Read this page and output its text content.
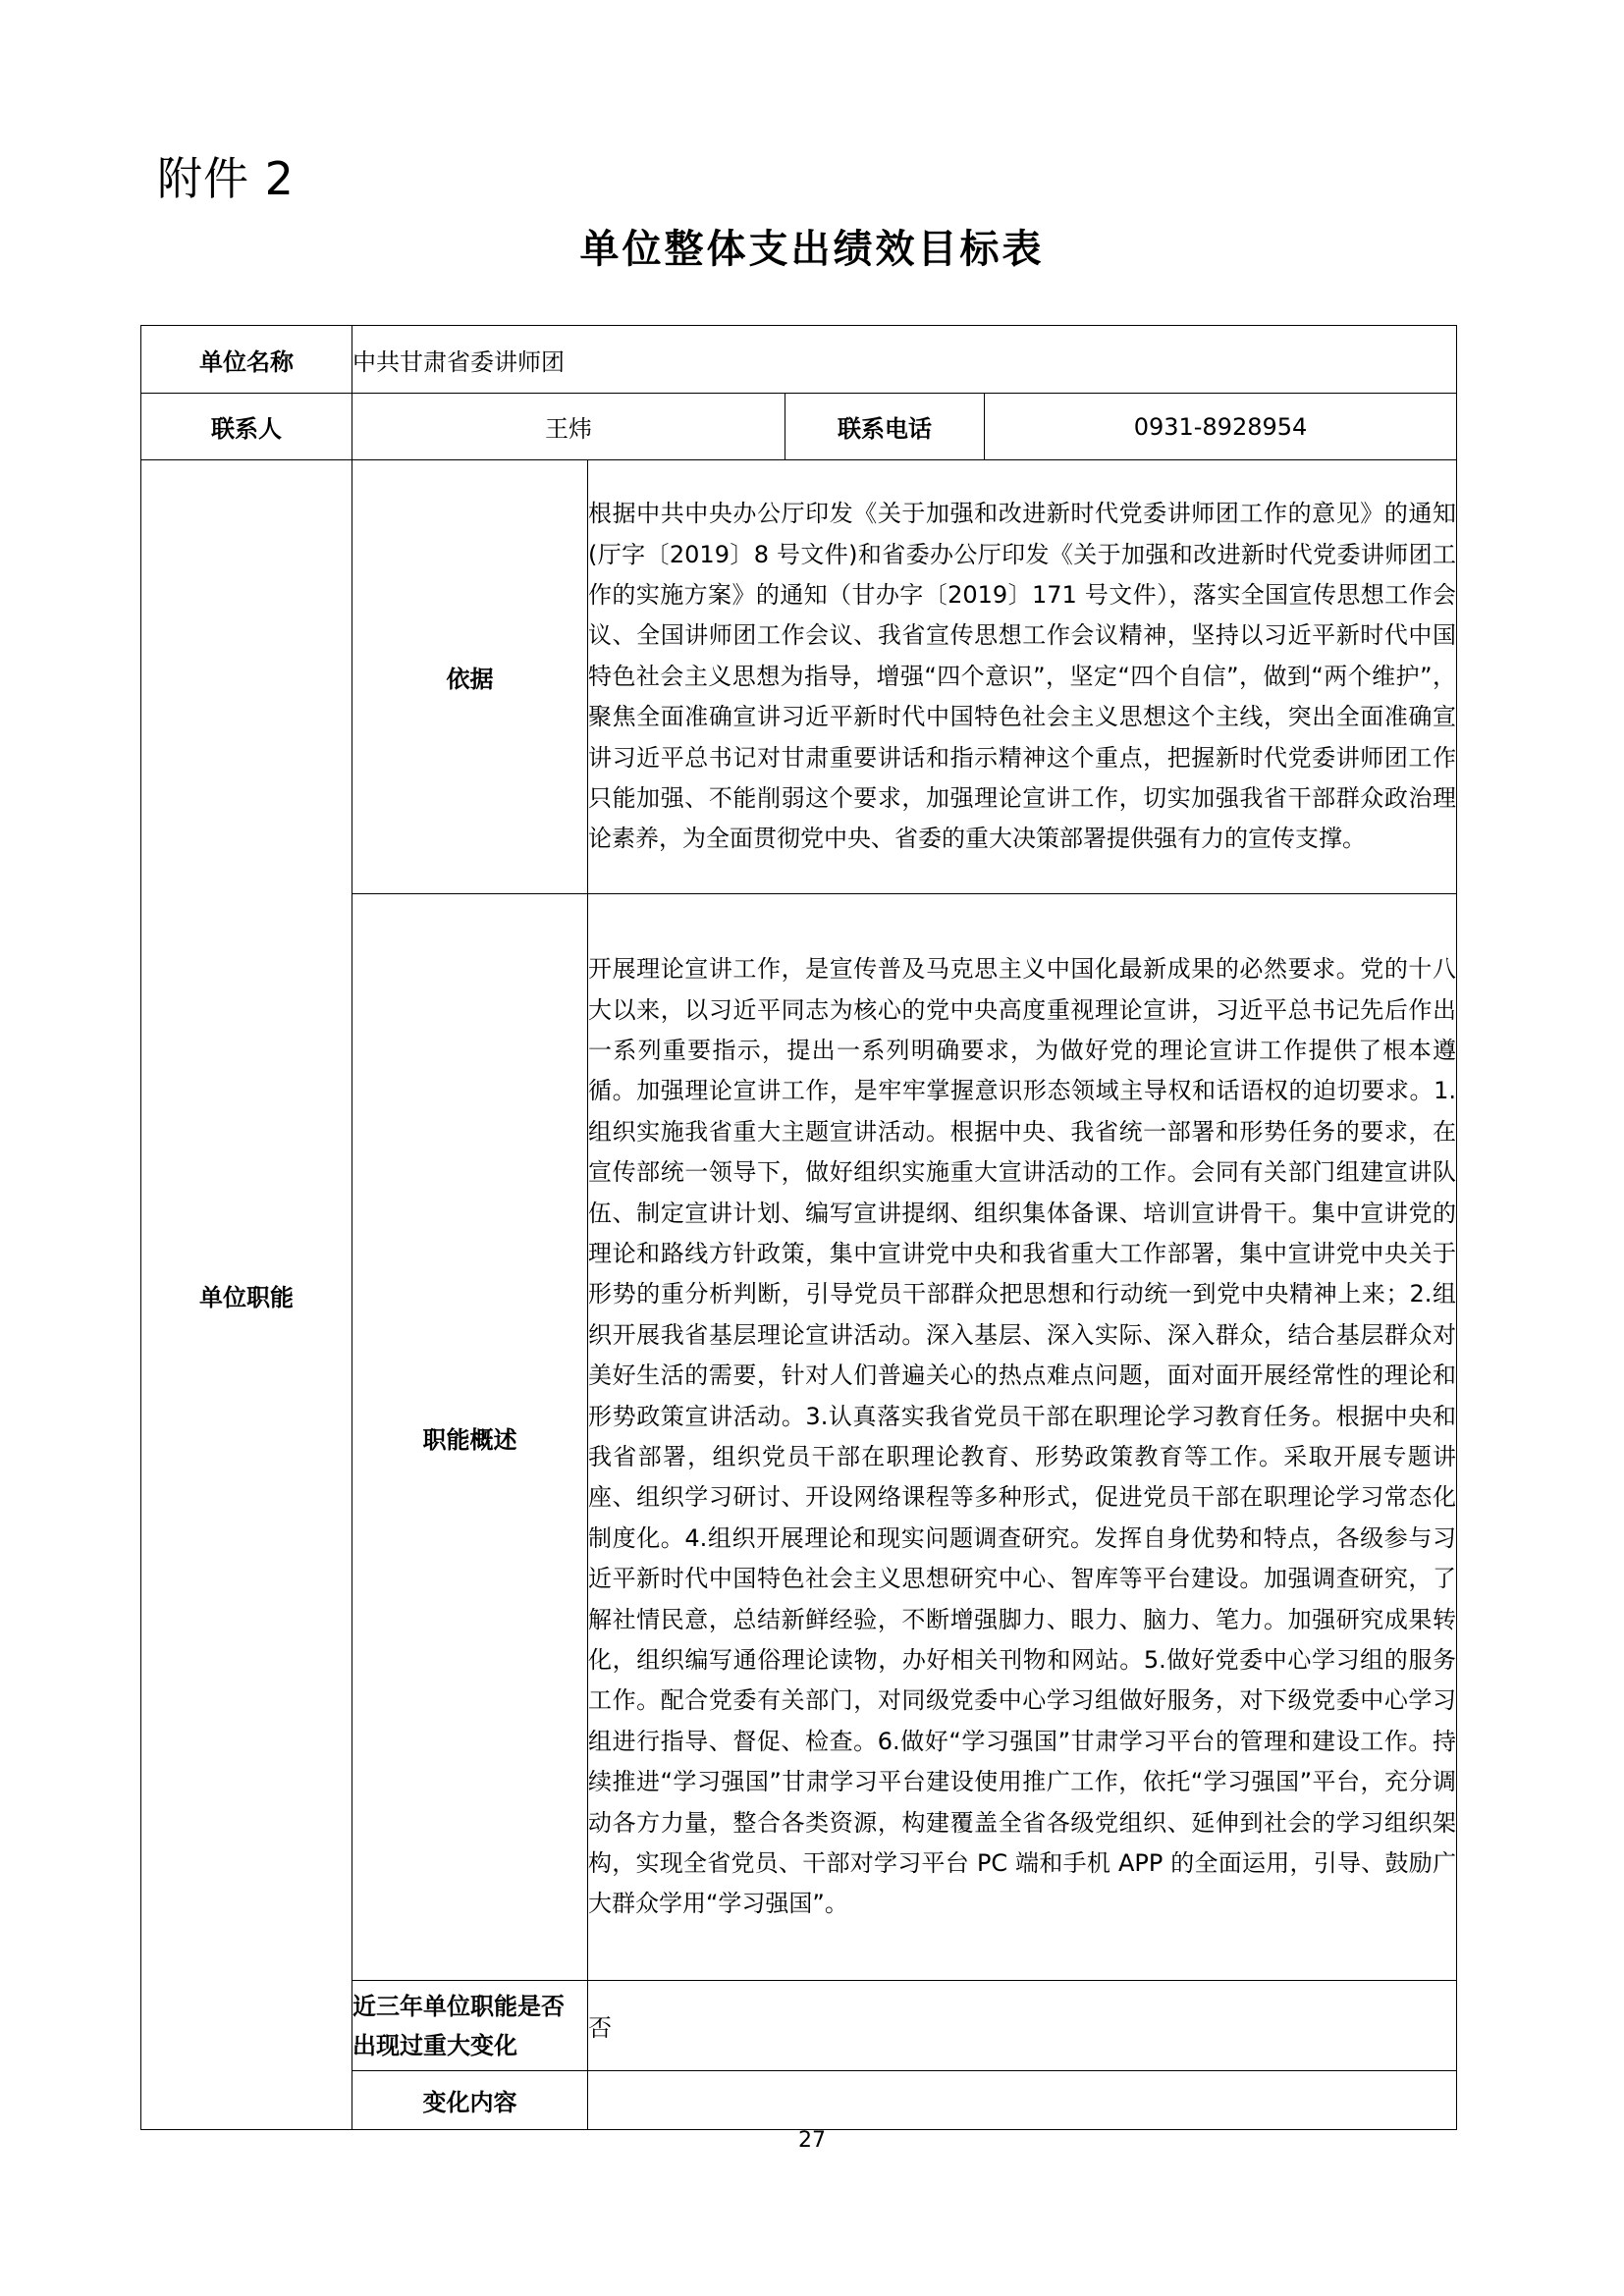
附件 2
单位整体支出绩效目标表
单位名称	中共甘肃省委讲师团			
联系人	王炜		联系电话	0931-8928954
单位职能	依据	根据中共中央办公厅印发《关于加强和改进新时代党委讲师团工作的意见》的通知(厅字〔2019〕8 号文件)和省委办公厅印发《关于加强和改进新时代党委讲师团工作的实施方案》的通知（甘办字〔2019〕171 号文件），落实全国宣传思想工作会议、全国讲师团工作会议、我省宣传思想工作会议精神，坚持以习近平新时代中国特色社会主义思想为指导，增强“四个意识”，坚定“四个自信”，做到“两个维护”，聚焦全面准确宣讲习近平新时代中国特色社会主义思想这个主线，突出全面准确宣讲习近平总书记对甘肃重要讲话和指示精神这个重点，把握新时代党委讲师团工作只能加强、不能削弱这个要求，加强理论宣讲工作，切实加强我省干部群众政治理论素养，为全面贯彻党中央、省委的重大决策部署提供强有力的宣传支撑。		
	职能概述	开展理论宣讲工作，是宣传普及马克思主义中国化最新成果的必然要求。党的十八大以来，以习近平同志为核心的党中央高度重视理论宣讲，习近平总书记先后作出一系列重要指示，提出一系列明确要求，为做好党的理论宣讲工作提供了根本遵循。加强理论宣讲工作，是牢牢掌握意识形态领域主导权和话语权的迫切要求。1.组织实施我省重大主题宣讲活动。根据中央、我省统一部署和形势任务的要求，在宣传部统一领导下，做好组织实施重大宣讲活动的工作。会同有关部门组建宣讲队伍、制定宣讲计划、编写宣讲提纲、组织集体备课、培训宣讲骨干。集中宣讲党的理论和路线方针政策，集中宣讲党中央和我省重大工作部署，集中宣讲党中央关于形势的重分析判断，引导党员干部群众把思想和行动统一到党中央精神上来；2.组织开展我省基层理论宣讲活动。深入基层、深入实际、深入群众，结合基层群众对美好生活的需要，针对人们普遍关心的热点难点问题，面对面开展经常性的理论和形势政策宣讲活动。3.认真落实我省党员干部在职理论学习教育任务。根据中央和我省部署，组织党员干部在职理论教育、形势政策教育等工作。采取开展专题讲座、组织学习研讨、开设网络课程等多种形式，促进党员干部在职理论学习常态化制度化。4.组织开展理论和现实问题调查研究。发挥自身优势和特点，各级参与习近平新时代中国特色社会主义思想研究中心、智库等平台建设。加强调查研究，了解社情民意，总结新鲜经验，不断增强脚力、眼力、脑力、笔力。加强研究成果转化，组织编写通俗理论读物，办好相关刊物和网站。5.做好党委中心学习组的服务工作。配合党委有关部门，对同级党委中心学习组做好服务，对下级党委中心学习组进行指导、督促、检查。6.做好“学习强国”甘肃学习平台的管理和建设工作。持续推进“学习强国”甘肃学习平台建设使用推广工作，依托“学习强国”平台，充分调动各方力量，整合各类资源，构建覆盖全省各级党组织、延伸到社会的学习组织架构，实现全省党员、干部对学习平台 PC 端和手机 APP 的全面运用，引导、鼓励广大群众学用“学习强国”。		
	近三年单位职能是否出现过重大变化	否		
	变化内容			
27
